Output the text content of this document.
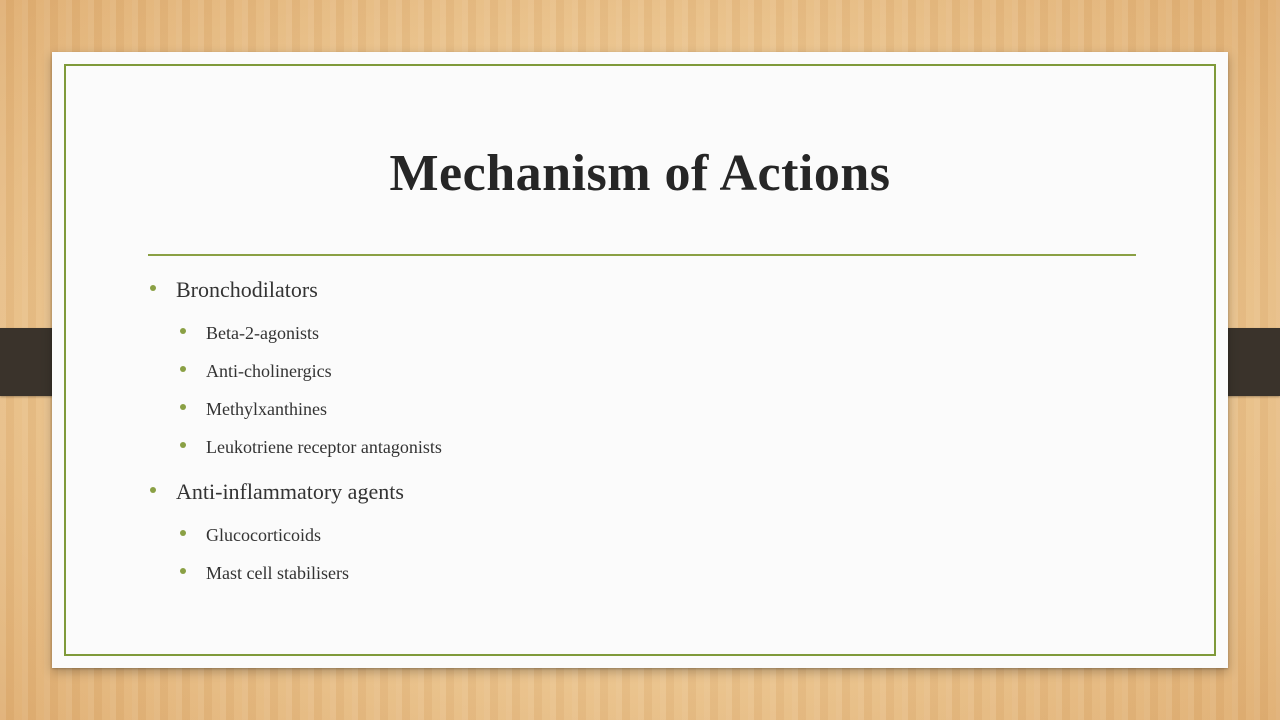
Mechanism of Actions
Bronchodilators
Beta-2-agonists
Anti-cholinergics
Methylxanthines
Leukotriene receptor antagonists
Anti-inflammatory agents
Glucocorticoids
Mast cell stabilisers
